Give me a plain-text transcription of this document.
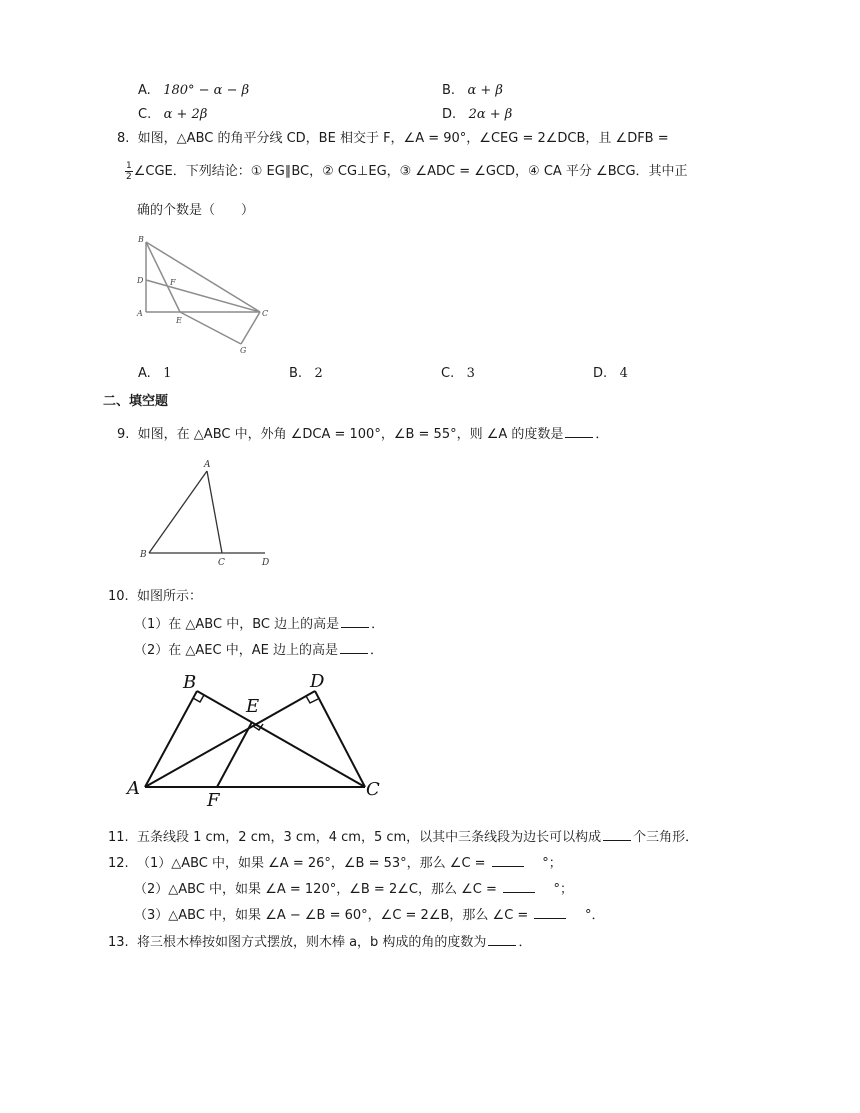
A. 180° − α − β	B. α + β
C. α + 2β	D. 2α + β
8. 如图，△ABC 的角平分线 CD，BE 相交于 F，∠A = 90°，∠CEG = 2∠DCB，且 ∠DFB =
$\frac{1}{2}$ ∠CGE．下列结论：① EG∥BC，② CG⊥EG，③ ∠ADC = ∠GCD，④ CA 平分 ∠BCG．其中正
确的个数是（　　）
B
D	F
A
E
C
G
A. 1	B. 2	C. 3	D. 4
二、填空题
9. 如图，在 △ABC 中，外角 ∠DCA = 100°，∠B = 55°，则 ∠A 的度数是 ．
A
B
C	D
10. 如图所示：
（1）在 △ABC 中，BC 边上的高是 ．
（2）在 △AEC 中，AE 边上的高是 ．
A
B
C
D
E
F
11. 五条线段 1 cm，2 cm，3 cm，4 cm，5 cm，以其中三条线段为边长可以构成 个三角形．
12. （1）△ABC 中，如果 ∠A = 26°，∠B = 53°，那么 ∠C =	°；
（2）△ABC 中，如果 ∠A = 120°，∠B = 2∠C，那么 ∠C =	°；
（3）△ABC 中，如果 ∠A − ∠B = 60°，∠C = 2∠B，那么 ∠C =	°．
13. 将三根木棒按如图方式摆放，则木棒 a，b 构成的角的度数为 ．
